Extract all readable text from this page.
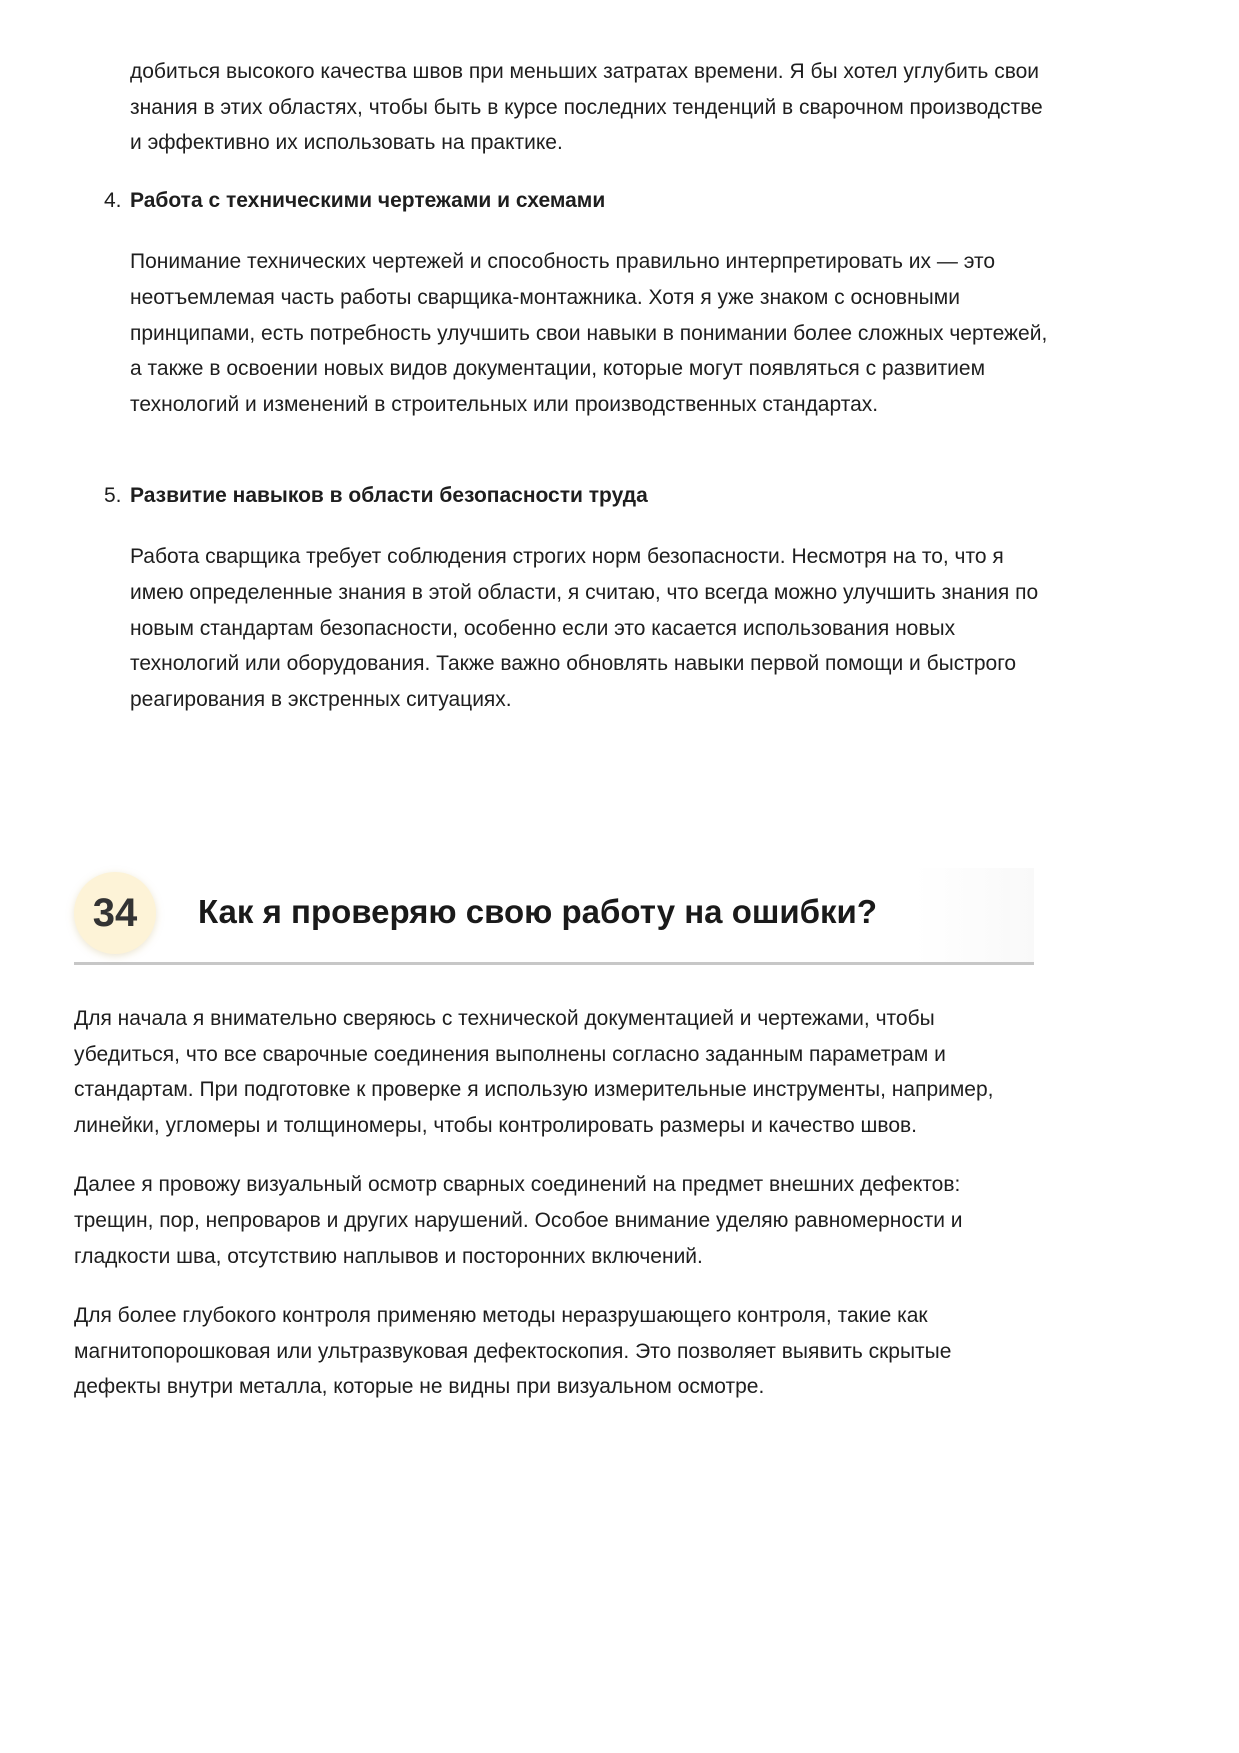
добиться высокого качества швов при меньших затратах времени. Я бы хотел углубить свои знания в этих областях, чтобы быть в курсе последних тенденций в сварочном производстве и эффективно их использовать на практике.

4. Работа с техническими чертежами и схемами

Понимание технических чертежей и способность правильно интерпретировать их — это неотъемлемая часть работы сварщика-монтажника. Хотя я уже знаком с основными принципами, есть потребность улучшить свои навыки в понимании более сложных чертежей, а также в освоении новых видов документации, которые могут появляться с развитием технологий и изменений в строительных или производственных стандартах.

5. Развитие навыков в области безопасности труда

Работа сварщика требует соблюдения строгих норм безопасности. Несмотря на то, что я имею определенные знания в этой области, я считаю, что всегда можно улучшить знания по новым стандартам безопасности, особенно если это касается использования новых технологий или оборудования. Также важно обновлять навыки первой помощи и быстрого реагирования в экстренных ситуациях.

34	Как я проверяю свою работу на ошибки?

Для начала я внимательно сверяюсь с технической документацией и чертежами, чтобы убедиться, что все сварочные соединения выполнены согласно заданным параметрам и стандартам. При подготовке к проверке я использую измерительные инструменты, например, линейки, угломеры и толщиномеры, чтобы контролировать размеры и качество швов.

Далее я провожу визуальный осмотр сварных соединений на предмет внешних дефектов: трещин, пор, непроваров и других нарушений. Особое внимание уделяю равномерности и гладкости шва, отсутствию наплывов и посторонних включений.

Для более глубокого контроля применяю методы неразрушающего контроля, такие как магнитопорошковая или ультразвуковая дефектоскопия. Это позволяет выявить скрытые дефекты внутри металла, которые не видны при визуальном осмотре.
